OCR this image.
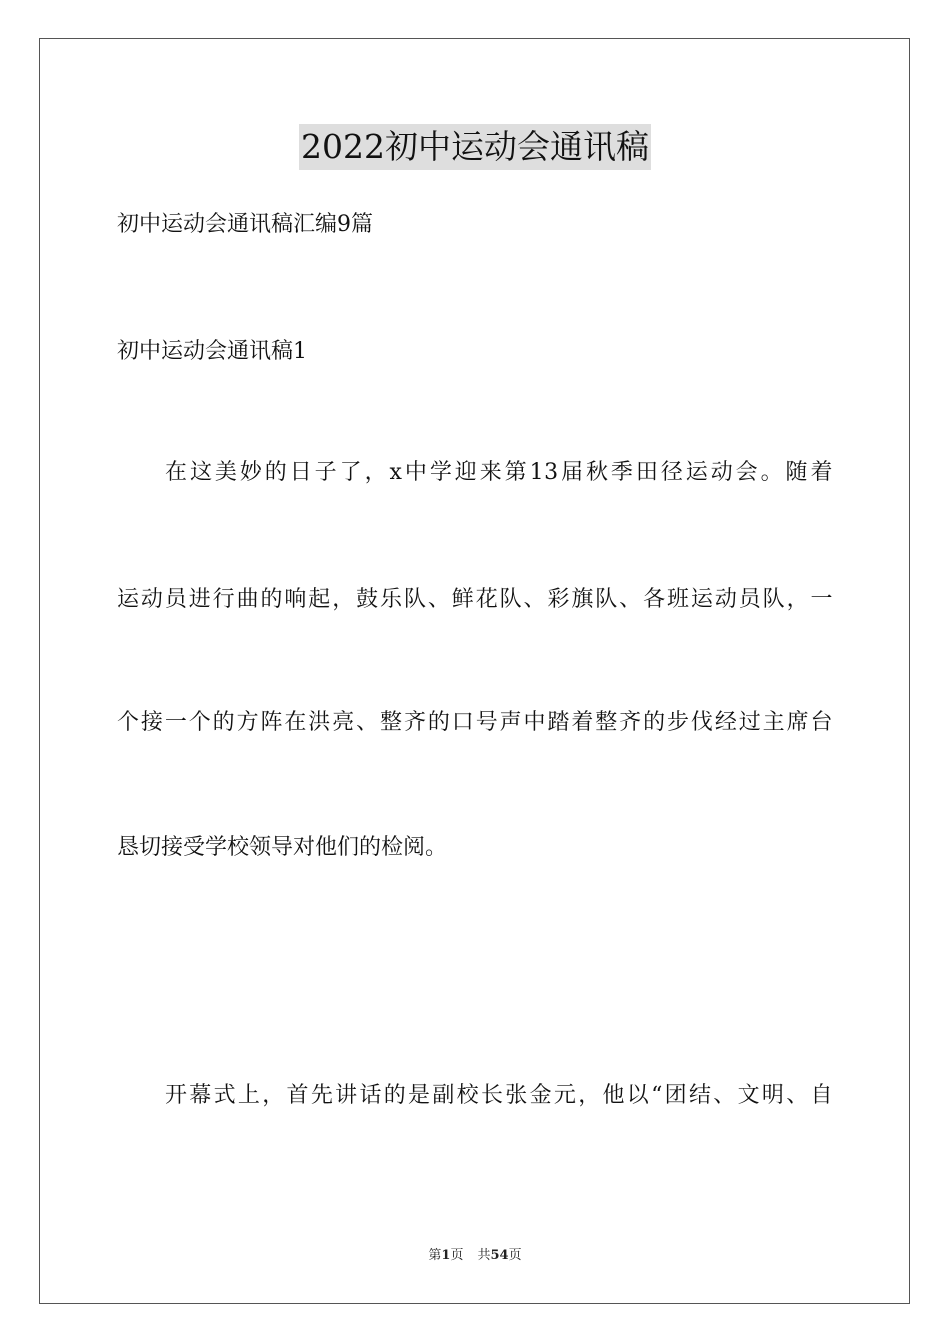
2022初中运动会通讯稿
初中运动会通讯稿汇编9篇
初中运动会通讯稿1
在这美妙的日子了，x中学迎来第13届秋季田径运动会。随着
运动员进行曲的响起，鼓乐队、鲜花队、彩旗队、各班运动员队，一
个接一个的方阵在洪亮、整齐的口号声中踏着整齐的步伐经过主席台
恳切接受学校领导对他们的检阅。
开幕式上，首先讲话的是副校长张金元，他以“团结、文明、自
第1页 共54页
